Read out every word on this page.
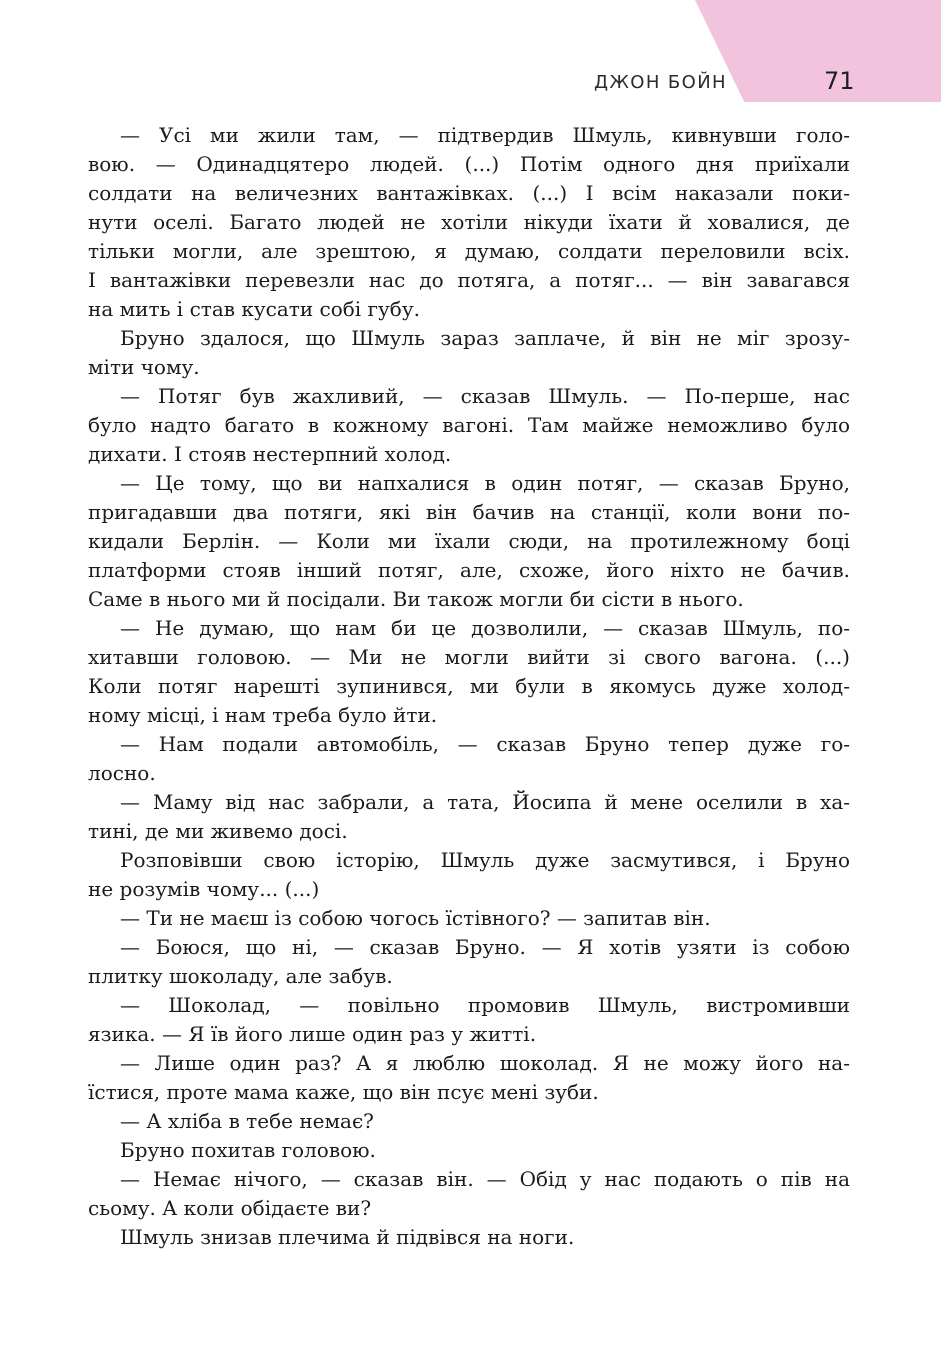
ДЖОН БОЙН	71

— Усі ми жили там, — підтвердив Шмуль, кивнувши голо-
вою. — Одинадцятеро людей. (...) Потім одного дня приїхали
солдати на величезних вантажівках. (...) І всім наказали поки-
нути оселі. Багато людей не хотіли нікуди їхати й ховалися, де
тільки могли, але зрештою, я думаю, солдати переловили всіх.
І вантажівки перевезли нас до потяга, а потяг... — він завагався
на мить і став кусати собі губу.

Бруно здалося, що Шмуль зараз заплаче, й він не міг зрозу-
міти чому.

— Потяг був жахливий, — сказав Шмуль. — По-перше, нас
було надто багато в кожному вагоні. Там майже неможливо було
дихати. І стояв нестерпний холод.

— Це тому, що ви напхалися в один потяг, — сказав Бруно,
пригадавши два потяги, які він бачив на станції, коли вони по-
кидали Берлін. — Коли ми їхали сюди, на протилежному боці
платформи стояв інший потяг, але, схоже, його ніхто не бачив.
Саме в нього ми й посідали. Ви також могли би сісти в нього.

— Не думаю, що нам би це дозволили, — сказав Шмуль, по-
хитавши головою. — Ми не могли вийти зі свого вагона. (...)
Коли потяг нарешті зупинився, ми були в якомусь дуже холод-
ному місці, і нам треба було йти.

— Нам подали автомобіль, — сказав Бруно тепер дуже го-
лосно.

— Маму від нас забрали, а тата, Йосипа й мене оселили в ха-
тині, де ми живемо досі.

Розповівши свою історію, Шмуль дуже засмутився, і Бруно
не розумів чому... (...)

— Ти не маєш із собою чогось їстівного? — запитав він.

— Боюся, що ні, — сказав Бруно. — Я хотів узяти із собою
плитку шоколаду, але забув.

— Шоколад, — повільно промовив Шмуль, вистромивши
язика. — Я їв його лише один раз у житті.

— Лише один раз? А я люблю шоколад. Я не можу його на-
їстися, проте мама каже, що він псує мені зуби.

— А хліба в тебе немає?

Бруно похитав головою.

— Немає нічого, — сказав він. — Обід у нас подають о пів на
сьому. А коли обідаєте ви?

Шмуль знизав плечима й підвівся на ноги.
